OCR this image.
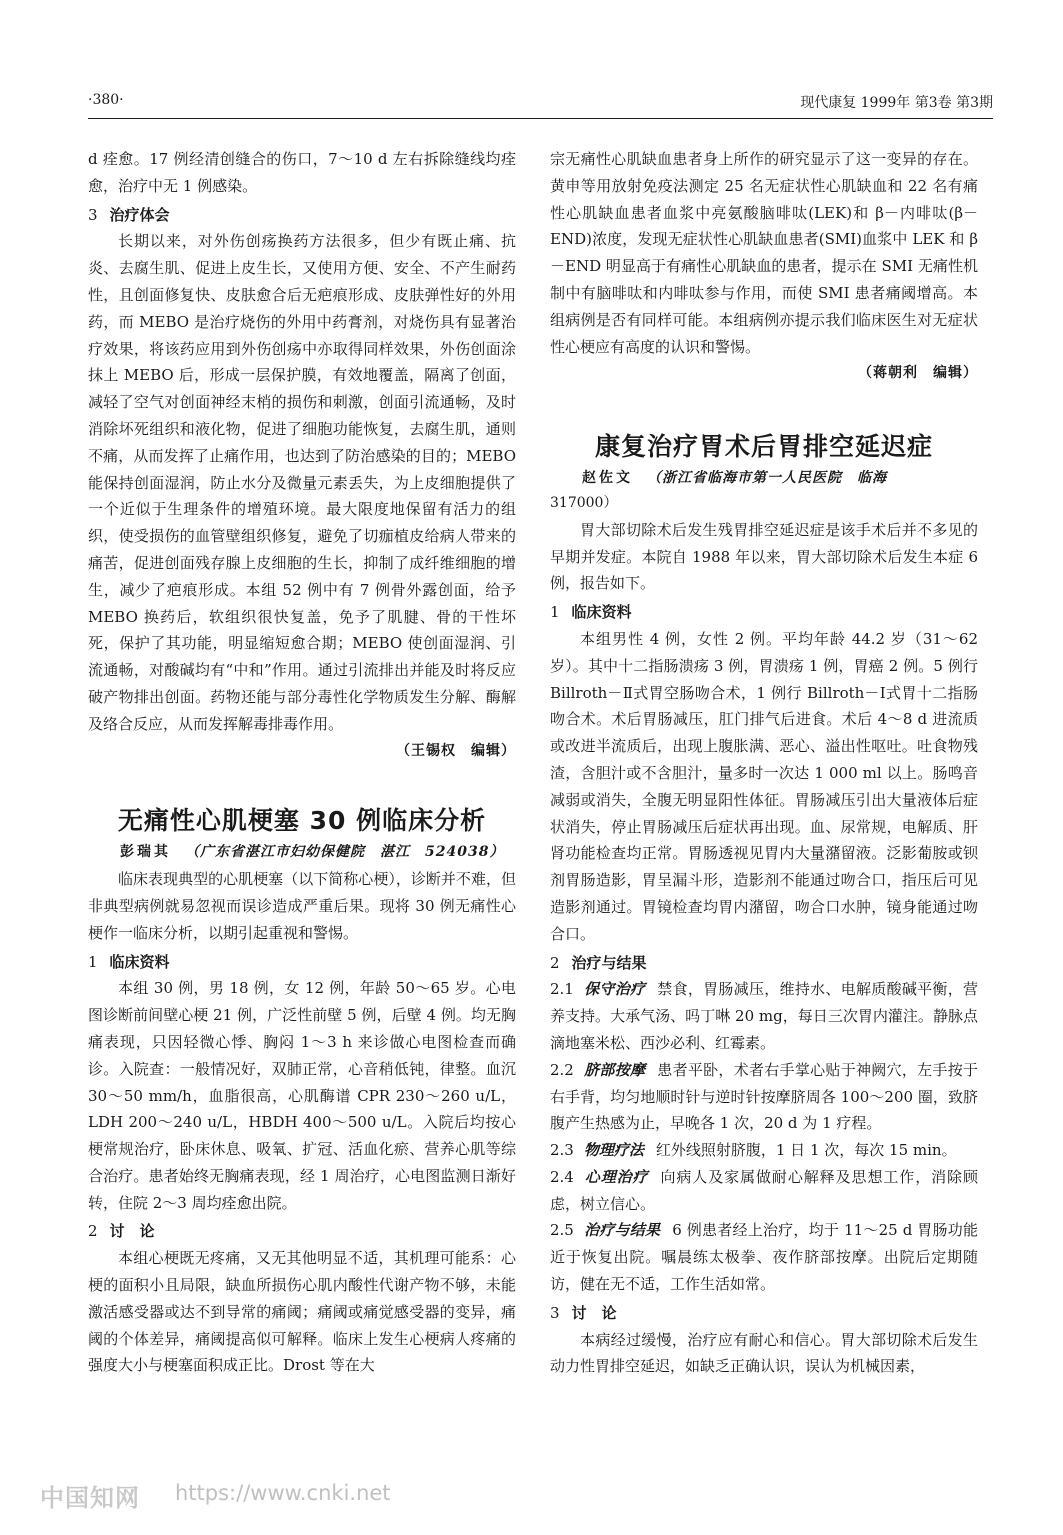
·380·	现代康复 1999年 第3卷 第3期

d 痊愈。17 例经清创缝合的伤口，7～10 d 左右拆除缝线均痊愈，治疗中无 1 例感染。

3 治疗体会

长期以来，对外伤创疡换药方法很多，但少有既止痛、抗炎、去腐生肌、促进上皮生长，又使用方便、安全、不产生耐药性，且创面修复快、皮肤愈合后无疤痕形成、皮肤弹性好的外用药，而 MEBO 是治疗烧伤的外用中药膏剂，对烧伤具有显著治疗效果，将该药应用到外伤创疡中亦取得同样效果，外伤创面涂抹上 MEBO 后，形成一层保护膜，有效地覆盖，隔离了创面，减轻了空气对创面神经末梢的损伤和刺激，创面引流通畅，及时消除坏死组织和液化物，促进了细胞功能恢复，去腐生肌，通则不痛，从而发挥了止痛作用，也达到了防治感染的目的；MEBO 能保持创面湿润，防止水分及微量元素丢失，为上皮细胞提供了一个近似于生理条件的增殖环境。最大限度地保留有活力的组织，使受损伤的血管壁组织修复，避免了切痂植皮给病人带来的痛苦，促进创面残存腺上皮细胞的生长，抑制了成纤维细胞的增生，减少了疤痕形成。本组 52 例中有 7 例骨外露创面，给予 MEBO 换药后，软组织很快复盖，免予了肌腱、骨的干性坏死，保护了其功能，明显缩短愈合期；MEBO 使创面湿润、引流通畅，对酸碱均有“中和”作用。通过引流排出并能及时将反应破产物排出创面。药物还能与部分毒性化学物质发生分解、酶解及络合反应，从而发挥解毒排毒作用。

（王锡权　编辑）
无痛性心肌梗塞 30 例临床分析
彭瑞其 （广东省湛江市妇幼保健院　湛江　524038）

临床表现典型的心肌梗塞（以下简称心梗），诊断并不难，但非典型病例就易忽视而误诊造成严重后果。现将 30 例无痛性心梗作一临床分析，以期引起重视和警惕。

1 临床资料

本组 30 例，男 18 例，女 12 例，年龄 50～65 岁。心电图诊断前间壁心梗 21 例，广泛性前壁 5 例，后壁 4 例。均无胸痛表现，只因轻微心悸、胸闷 1～3 h 来诊做心电图检查而确诊。入院查：一般情况好，双肺正常，心音稍低钝，律整。血沉 30～50 mm/h，血脂很高，心肌酶谱 CPR 230～260 u/L，LDH 200～240 u/L，HBDH 400～500 u/L。入院后均按心梗常规治疗，卧床休息、吸氧、扩冠、活血化瘀、营养心肌等综合治疗。患者始终无胸痛表现，经 1 周治疗，心电图监测日渐好转，住院 2～3 周均痊愈出院。

2 讨　论

本组心梗既无疼痛，又无其他明显不适，其机理可能系：心梗的面积小且局限，缺血所损伤心肌内酸性代谢产物不够，未能激活感受器或达不到导常的痛阈；痛阈或痛觉感受器的变异，痛阈的个体差异，痛阈提高似可解释。临床上发生心梗病人疼痛的强度大小与梗塞面积成正比。Drost 等在大

宗无痛性心肌缺血患者身上所作的研究显示了这一变异的存在。黄申等用放射免疫法测定 25 名无症状性心肌缺血和 22 名有痛性心肌缺血患者血浆中亮氨酸脑啡呔(LEK)和 β－内啡呔(β－END)浓度，发现无症状性心肌缺血患者(SMI)血浆中 LEK 和 β－END 明显高于有痛性心肌缺血的患者，提示在 SMI 无痛性机制中有脑啡呔和内啡呔参与作用，而使 SMI 患者痛阈增高。本组病例是否有同样可能。本组病例亦提示我们临床医生对无症状性心梗应有高度的认识和警惕。

（蒋朝利　编辑）
康复治疗胃术后胃排空延迟症
赵佐文 （浙江省临海市第一人民医院　临海
317000）

胃大部切除术后发生残胃排空延迟症是该手术后并不多见的早期并发症。本院自 1988 年以来，胃大部切除术后发生本症 6 例，报告如下。

1 临床资料

本组男性 4 例，女性 2 例。平均年龄 44.2 岁（31～62 岁）。其中十二指肠溃疡 3 例，胃溃疡 1 例，胃癌 2 例。5 例行 Billroth－Ⅱ式胃空肠吻合术，1 例行 Billroth－Ⅰ式胃十二指肠吻合术。术后胃肠减压，肛门排气后进食。术后 4～8 d 进流质或改进半流质后，出现上腹胀满、恶心、溢出性呕吐。吐食物残渣，含胆汁或不含胆汁，量多时一次达 1 000 ml 以上。肠鸣音减弱或消失，全腹无明显阳性体征。胃肠减压引出大量液体后症状消失，停止胃肠减压后症状再出现。血、尿常规，电解质、肝肾功能检查均正常。胃肠透视见胃内大量潴留液。泛影葡胺或钡剂胃肠造影，胃呈漏斗形，造影剂不能通过吻合口，指压后可见造影剂通过。胃镜检查均胃内潴留，吻合口水肿，镜身能通过吻合口。

2 治疗与结果
2.1 保守治疗 禁食，胃肠减压，维持水、电解质酸碱平衡，营养支持。大承气汤、吗丁啉 20 mg，每日三次胃内灌注。静脉点滴地塞米松、西沙必利、红霉素。
2.2 脐部按摩 患者平卧，术者右手掌心贴于神阙穴，左手按于右手背，均匀地顺时针与逆时针按摩脐周各 100～200 圈，致脐腹产生热感为止，早晚各 1 次，20 d 为 1 疗程。
2.3 物理疗法 红外线照射脐腹，1 日 1 次，每次 15 min。
2.4 心理治疗 向病人及家属做耐心解释及思想工作，消除顾虑，树立信心。
2.5 治疗与结果 6 例患者经上治疗，均于 11～25 d 胃肠功能近于恢复出院。嘱晨练太极拳、夜作脐部按摩。出院后定期随访，健在无不适，工作生活如常。
3 讨　论

本病经过缓慢，治疗应有耐心和信心。胃大部切除术后发生动力性胃排空延迟，如缺乏正确认识，误认为机械因素，

中国知网 https://www.cnki.net
